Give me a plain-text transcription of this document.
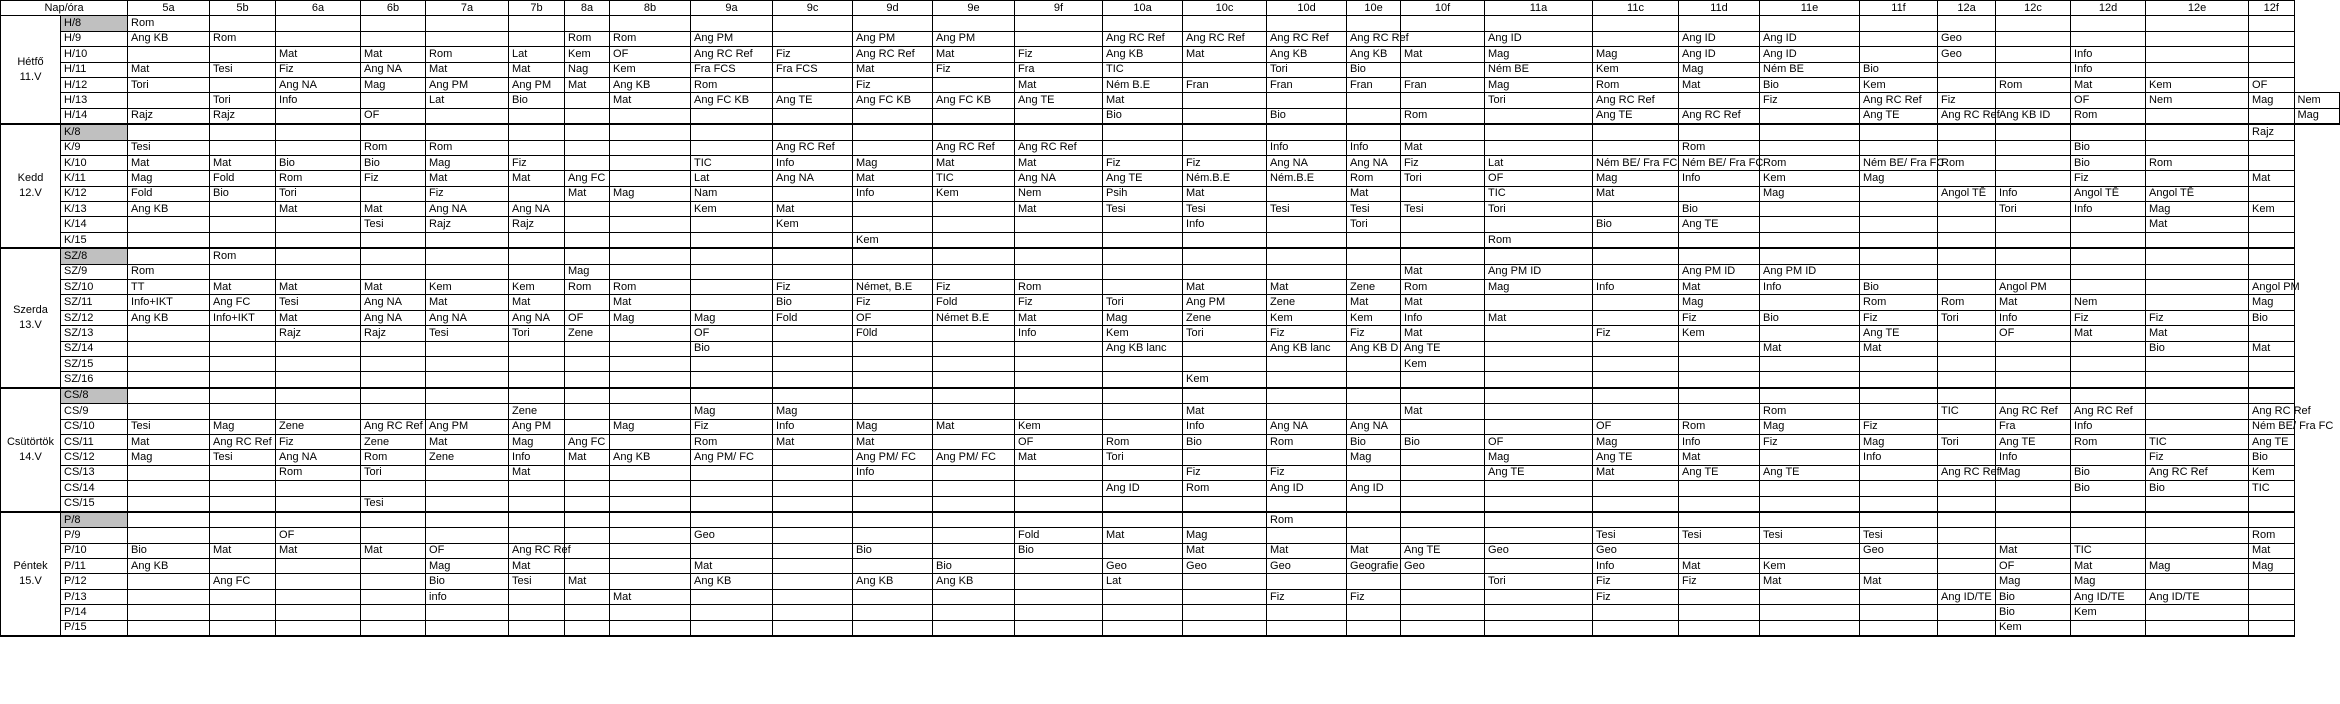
Nap/óra		5a	5b	6a	6b	7a	7b	8a	8b	9a	9c	9d	9e	9f	10a	10c	10d	10e	10f	11a	11c	11d	11e	11f	12a	12c	12d	12e	12f	

Hétfő
11.V	H/8	Rom																												
	H/9	Ang KB	Rom					Rom	Rom	Ang PM		Ang PM	Ang PM		Ang RC Ref	Ang RC Ref	Ang RC Ref	Ang RC Ref		Ang ID		Ang ID	Ang ID		Geo					
	H/10			Mat	Mat	Rom	Lat	Kem	OF	Ang RC Ref	Fiz	Ang RC Ref	Mat	Fiz	Ang KB	Mat	Ang KB	Ang KB	Mat	Mag	Mag	Ang ID	Ang ID		Geo		Info			
	H/11	Mat	Tesi	Fiz	Ang NA	Mat	Mat	Nag	Kem	Fra FCS	Fra FCS	Mat	Fiz	Fra	TIC		Tori	Bio		Ném BE	Kem	Mag	Ném BE	Bio			Info			
	H/12	Tori		Ang NA	Mag	Ang PM	Ang PM	Mat	Ang KB	Rom		Fiz		Mat	Ném B.E	Fran	Fran	Fran	Fran	Mag	Rom	Mat	Bio	Kem		Rom	Mat	Kem	OF	
	H/13		Tori	Info		Lat	Bio		Mat	Ang FC KB	Ang TE	Ang FC KB	Ang FC KB	Ang TE	Mat					Tori	Ang RC Ref		Fiz	Ang RC Ref	Fiz		OF	Nem	Mag	Nem
	H/14	Rajz	Rajz		OF										Bio		Bio		Rom		Ang TE	Ang RC Ref		Ang TE	Ang RC Ref	Ang KB ID	Rom			Mag

Kedd
12.V	K/8																												Rajz	
	K/9	Tesi			Rom	Rom					Ang RC Ref		Ang RC Ref	Ang RC Ref			Info	Info	Mat			Rom					Bio			
	K/10	Mat	Mat	Bio	Bio	Mag	Fiz			TIC	Info	Mag	Mat	Mat	Fiz	Fiz	Ang NA	Ang NA	Fiz	Lat	Ném BE/ Fra FC	Ném BE/ Fra FC	Rom	Ném BE/ Fra FC	Rom		Bio	Rom		
	K/11	Mag	Fold	Rom	Fiz	Mat	Mat	Ang FC		Lat	Ang NA	Mat	TIC	Ang NA	Ang TE	Ném.B.E	Ném.B.E	Rom	Tori	OF	Mag	Info	Kem	Mag			Fiz		Mat	
	K/12	Fold	Bio	Tori		Fiz		Mat	Mag	Nam		Info	Kem	Nem	Psih	Mat		Mat		TIC	Mat		Mag		Angol TĒ	Info	Angol TĒ	Angol TĒ		
	K/13	Ang KB		Mat	Mat	Ang NA	Ang NA			Kem	Mat			Mat	Tesi	Tesi	Tesi	Tesi	Tesi	Tori		Bio				Tori	Info	Mag	Kem	
	K/14				Tesi	Rajz	Rajz				Kem					Info		Tori			Bio	Ang TE						Mat		
	K/15											Kem								Rom										

Szerda
13.V	SZ/8		Rom																											
	SZ/9	Rom						Mag											Mat	Ang PM ID		Ang PM ID	Ang PM ID							
	SZ/10	TT	Mat	Mat	Mat	Kem	Kem	Rom	Rom		Fiz	Német, B.E	Fiz	Rom		Mat	Mat	Zene	Rom	Mag	Info	Mat	Info	Bio		Angol PM			Angol PM	
	SZ/11	Info+IKT	Ang FC	Tesi	Ang NA	Mat	Mat		Mat		Bio	Fiz	Fold	Fiz	Tori	Ang PM	Zene	Mat	Mat			Mag		Rom	Rom	Mat	Nem		Mag	
	SZ/12	Ang KB	Info+IKT	Mat	Ang NA	Ang NA	Ang NA	OF	Mag	Mag	Fold	OF	Német B.E	Mat	Mag	Zene	Kem	Kem	Info	Mat		Fiz	Bio	Fiz	Tori	Info	Fiz	Fiz	Bio	
	SZ/13			Rajz	Rajz	Tesi	Tori	Zene		OF		F0ld		Info	Kem	Tori	Fiz	Fiz	Mat		Fiz	Kem		Ang TE		OF	Mat	Mat		
	SZ/14									Bio					Ang KB lanc		Ang KB lanc	Ang KB D	Ang TE				Mat	Mat				Bio	Mat	
	SZ/15																		Kem											
	SZ/16															Kem														

Csütörtök
14.V	CS/8																													
	CS/9						Zene			Mag	Mag					Mat			Mat				Rom		TIC	Ang RC Ref	Ang RC Ref		Ang RC Ref	
	CS/10	Tesi	Mag	Zene	Ang RC Ref	Ang PM	Ang PM		Mag	Fiz	Info	Mag	Mat	Kem		Info	Ang NA	Ang NA			OF	Rom	Mag	Fiz		Fra	Info		Ném BE/ Fra FC	
	CS/11	Mat	Ang RC Ref	Fiz	Zene	Mat	Mag	Ang FC		Rom	Mat	Mat		OF	Rom	Bio	Rom	Bio	Bio	OF	Mag	Info	Fiz	Mag	Tori	Ang TE	Rom	TIC	Ang TE	
	CS/12	Mag	Tesi	Ang NA	Rom	Zene	Info	Mat	Ang KB	Ang PM/ FC		Ang PM/ FC	Ang PM/ FC	Mat	Tori			Mag		Mag	Ang TE	Mat		Info		Info		Fiz	Bio	
	CS/13			Rom	Tori		Mat					Info				Fiz	Fiz			Ang TE	Mat	Ang TE	Ang TE		Ang RC Ref	Mag	Bio	Ang RC Ref	Kem	
	CS/14														Ang ID	Rom	Ang ID	Ang ID									Bio	Bio	TIC	
	CS/15				Tesi																									

Péntek
15.V	P/8																Rom													
	P/9			OF						Geo				Fold	Mat	Mag					Tesi	Tesi	Tesi	Tesi					Rom	
	P/10	Bio	Mat	Mat	Mat	OF	Ang RC Ref					Bio		Bio		Mat	Mat	Mat	Ang TE	Geo	Geo			Geo		Mat	TIC		Mat	
	P/11	Ang KB				Mag	Mat			Mat			Bio		Geo	Geo	Geo	Geografie	Geo		Info	Mat	Kem			OF	Mat	Mag	Mag	
	P/12		Ang FC			Bio	Tesi	Mat		Ang KB		Ang KB	Ang KB		Lat					Tori	Fiz	Fiz	Mat	Mat		Mag	Mag			
	P/13					info			Mat								Fiz	Fiz			Fiz				Ang ID/TE	Bio	Ang ID/TE	Ang ID/TE		
	P/14																									Bio	Kem			
	P/15																									Kem				
